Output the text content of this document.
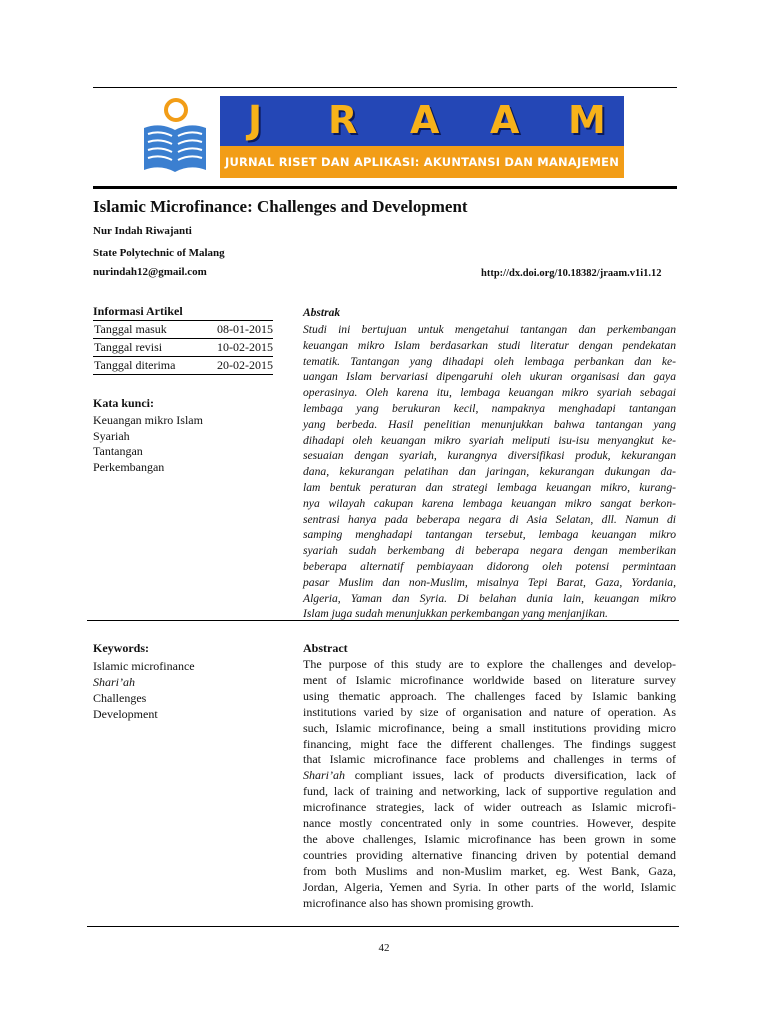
J R A A M
JURNAL RISET DAN APLIKASI: AKUNTANSI DAN MANAJEMEN
Islamic Microfinance: Challenges and Development
Nur Indah Riwajanti
State Polytechnic of Malang
nurindah12@gmail.com	http://dx.doi.org/10.18382/jraam.v1i1.12
Informasi Artikel
Tanggal masuk	08-01-2015
Tanggal revisi	10-02-2015
Tanggal diterima	20-02-2015
Kata kunci:
Keuangan mikro Islam
Syariah
Tantangan
Perkembangan
Abstrak
Studi ini bertujuan untuk mengetahui tantangan dan perkembangan
keuangan mikro Islam berdasarkan studi literatur dengan pendekatan
tematik. Tantangan yang dihadapi oleh lembaga perbankan dan ke-
uangan Islam bervariasi dipengaruhi oleh ukuran organisasi dan gaya
operasinya. Oleh karena itu, lembaga keuangan mikro syariah sebagai
lembaga yang berukuran kecil, nampaknya menghadapi tantangan
yang berbeda. Hasil penelitian menunjukkan bahwa tantangan yang
dihadapi oleh keuangan mikro syariah meliputi isu-isu menyangkut ke-
sesuaian dengan syariah, kurangnya diversifikasi produk, kekurangan
dana, kekurangan pelatihan dan jaringan, kekurangan dukungan da-
lam bentuk peraturan dan strategi lembaga keuangan mikro, kurang-
nya wilayah cakupan karena lembaga keuangan mikro sangat berkon-
sentrasi hanya pada beberapa negara di Asia Selatan, dll. Namun di
samping menghadapi tantangan tersebut, lembaga keuangan mikro
syariah sudah berkembang di beberapa negara dengan memberikan
beberapa alternatif pembiayaan didorong oleh potensi permintaan
pasar Muslim dan non-Muslim, misalnya Tepi Barat, Gaza, Yordania,
Algeria, Yaman dan Syria. Di belahan dunia lain, keuangan mikro
Islam juga sudah menunjukkan perkembangan yang menjanjikan.
Keywords:
Islamic microfinance
Shari’ah
Challenges
Development
Abstract
The purpose of this study are to explore the challenges and develop-
ment of Islamic microfinance worldwide based on literature survey
using thematic approach. The challenges faced by Islamic banking
institutions varied by size of organisation and nature of operation. As
such, Islamic microfinance, being a small institutions providing micro
financing, might face the different challenges. The findings suggest
that Islamic microfinance face problems and challenges in terms of
Shari’ah compliant issues, lack of products diversification, lack of
fund, lack of training and networking, lack of supportive regulation and
microfinance strategies, lack of wider outreach as Islamic microfi-
nance mostly concentrated only in some countries. However, despite
the above challenges, Islamic microfinance has been grown in some
countries providing alternative financing driven by potential demand
from both Muslims and non-Muslim market, eg. West Bank, Gaza,
Jordan, Algeria, Yemen and Syria. In other parts of the world, Islamic
microfinance also has shown promising growth.
42
